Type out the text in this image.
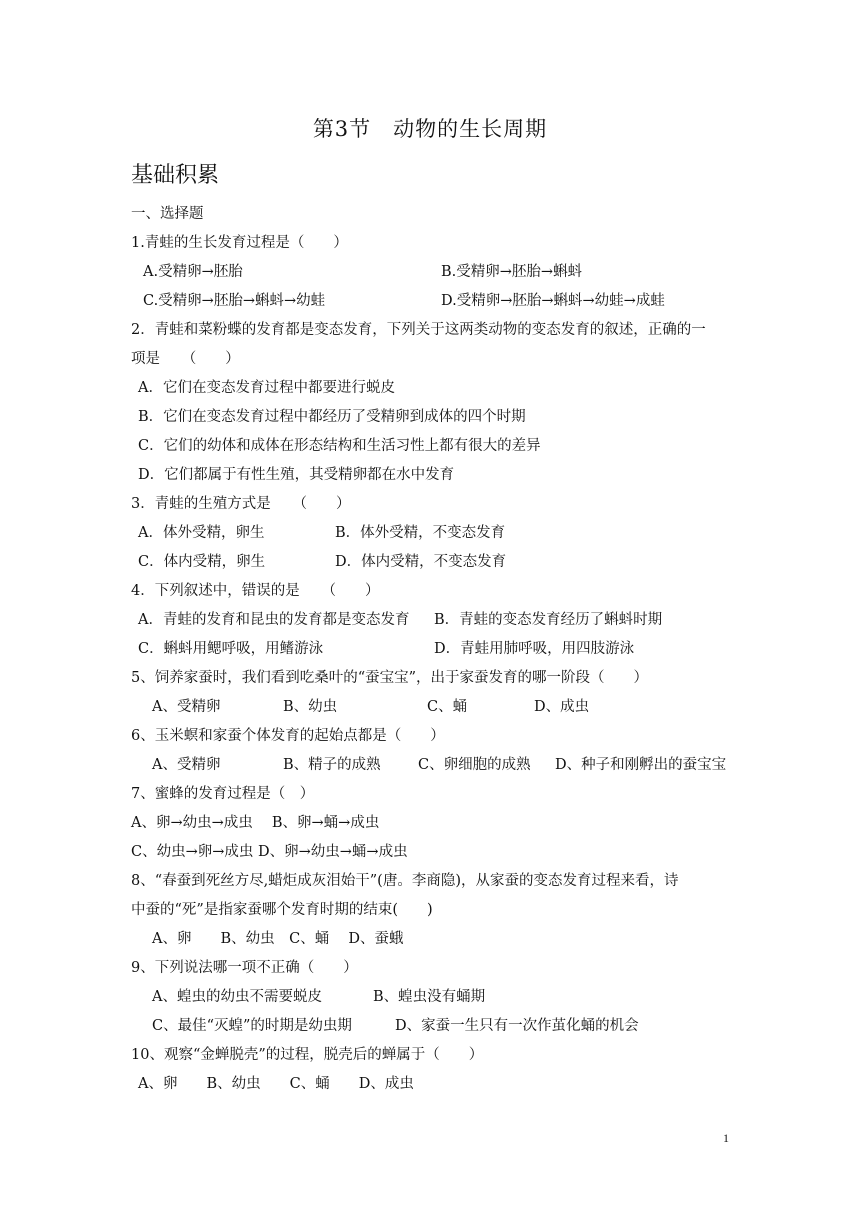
第3节　动物的生长周期
基础积累
一、选择题
1.青蛙的生长发育过程是（　　）
A.受精卵→胚胎	B.受精卵→胚胎→蝌蚪
C.受精卵→胚胎→蝌蚪→幼蛙	D.受精卵→胚胎→蝌蚪→幼蛙→成蛙
2．青蛙和菜粉蝶的发育都是变态发育，下列关于这两类动物的变态发育的叙述，正确的一
项是　　（　　）
A．它们在变态发育过程中都要进行蜕皮
B．它们在变态发育过程中都经历了受精卵到成体的四个时期
C．它们的幼体和成体在形态结构和生活习性上都有很大的差异
D．它们都属于有性生殖，其受精卵都在水中发育
3．青蛙的生殖方式是　　（　　）
A．体外受精，卵生	B．体外受精，不变态发育
C．体内受精，卵生	D．体内受精，不变态发育
4．下列叙述中，错误的是　　（　　）
A．青蛙的发育和昆虫的发育都是变态发育 B．青蛙的变态发育经历了蝌蚪时期
C．蝌蚪用鳃呼吸，用鳍游泳	D．青蛙用肺呼吸，用四肢游泳
5、饲养家蚕时，我们看到吃桑叶的“蚕宝宝”，出于家蚕发育的哪一阶段（　　）
A、受精卵	B、幼虫	C、蛹	D、成虫
6、玉米螟和家蚕个体发育的起始点都是（　　）
A、受精卵	B、精子的成熟	C、卵细胞的成熟 D、种子和刚孵出的蚕宝宝
7、蜜蜂的发育过程是（　）
A、卵→幼虫→成虫　 B、卵→蛹→成虫
C、幼虫→卵→成虫 D、卵→幼虫→蛹→成虫
8、“春蚕到死丝方尽,蜡炬成灰泪始干”(唐。李商隐)，从家蚕的变态发育过程来看，诗
中蚕的“死”是指家蚕哪个发育时期的结束(　　)
A、卵　　B、幼虫　C、蛹　 D、蚕蛾
9、下列说法哪一项不正确（　　）
A、蝗虫的幼虫不需要蜕皮	B、蝗虫没有蛹期
C、最佳“灭蝗”的时期是幼虫期	D、家蚕一生只有一次作茧化蛹的机会
10、观察“金蝉脱壳”的过程，脱壳后的蝉属于（　　）
A、卵　　B、幼虫　　C、蛹　　D、成虫
1
